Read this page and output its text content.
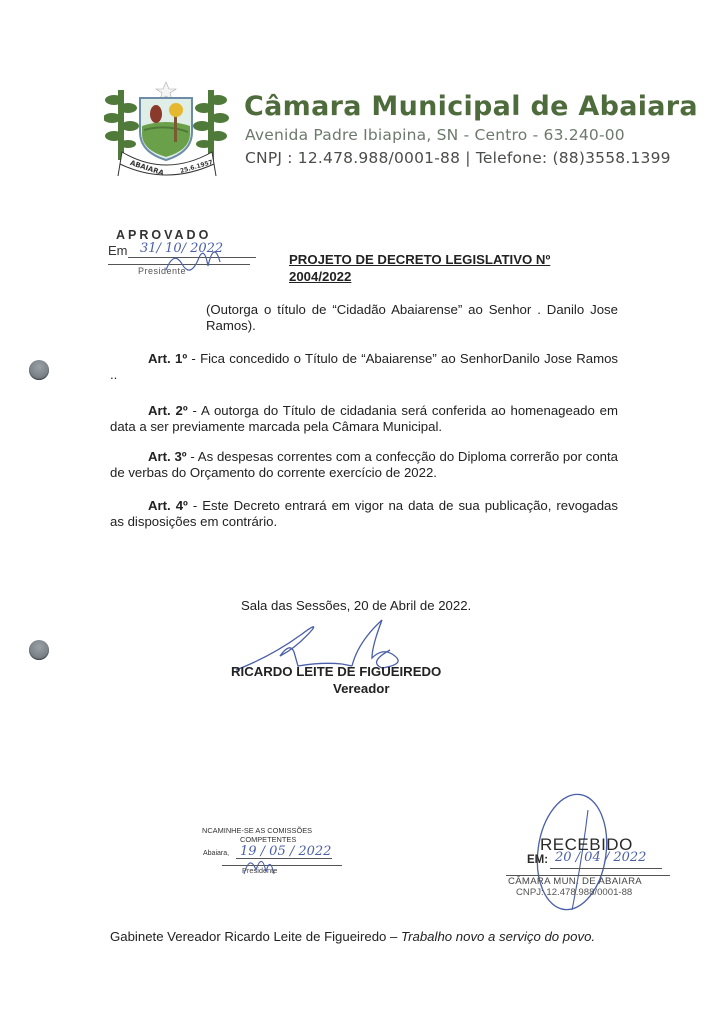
ABAIARA 25.6.1957
Câmara Municipal de Abaiara
Avenida Padre Ibiapina, SN - Centro - 63.240-00
CNPJ : 12.478.988/0001-88 | Telefone: (88)3558.1399
APROVADO
Em 31/ 10/ 2022
Presidente
PROJETO DE DECRETO LEGISLATIVO Nº 2004/2022
(Outorga o título de “Cidadão Abaiarense” ao Senhor . Danilo Jose Ramos).
Art. 1º - Fica concedido o Título de “Abaiarense” ao SenhorDanilo Jose Ramos ..
Art. 2º - A outorga do Título de cidadania será conferida ao homenageado em data a ser previamente marcada pela Câmara Municipal.
Art. 3º - As despesas correntes com a confecção do Diploma correrão por conta de verbas do Orçamento do corrente exercício de 2022.
Art. 4º - Este Decreto entrará em vigor na data de sua publicação, revogadas as disposições em contrário.
Sala das Sessões, 20 de Abril de 2022.
RICARDO LEITE DE FIGUEIREDO
Vereador
NCAMINHE-SE AS COMISSÕES
COMPETENTES
Abaiara, 19 / 05 / 2022
Presidente
RECEBIDO
EM: 20 / 04 / 2022
CÂMARA MUN. DE ABAIARA
CNPJ: 12.478.988/0001-88
Gabinete Vereador Ricardo Leite de Figueiredo – Trabalho novo a serviço do povo.
